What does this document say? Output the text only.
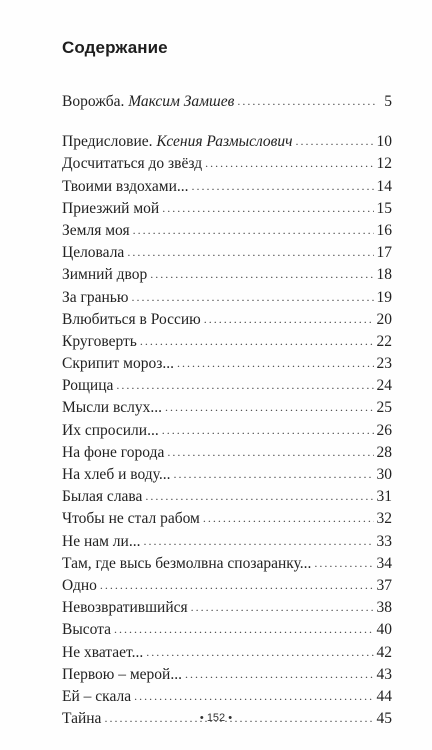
Содержание
Ворожба. Максим Замшев .....	5
Предисловие. Ксения Размыслович .....	10
Досчитаться до звёзд .....	12
Твоими вздохами... .....	14
Приезжий мой .....	15
Земля моя .....	16
Целовала .....	17
Зимний двор .....	18
За гранью .....	19
Влюбиться в Россию .....	20
Круговерть .....	22
Скрипит мороз... .....	23
Рощица .....	24
Мысли вслух... .....	25
Их спросили... .....	26
На фоне города .....	28
На хлеб и воду... .....	30
Былая слава .....	31
Чтобы не стал рабом .....	32
Не нам ли... .....	33
Там, где высь безмолвна спозаранку... .....	34
Одно .....	37
Невозвратившийся .....	38
Высота .....	40
Не хватает... .....	42
Первою – мерой... .....	43
Ей – скала .....	44
Тайна .....	45
• 152 •
